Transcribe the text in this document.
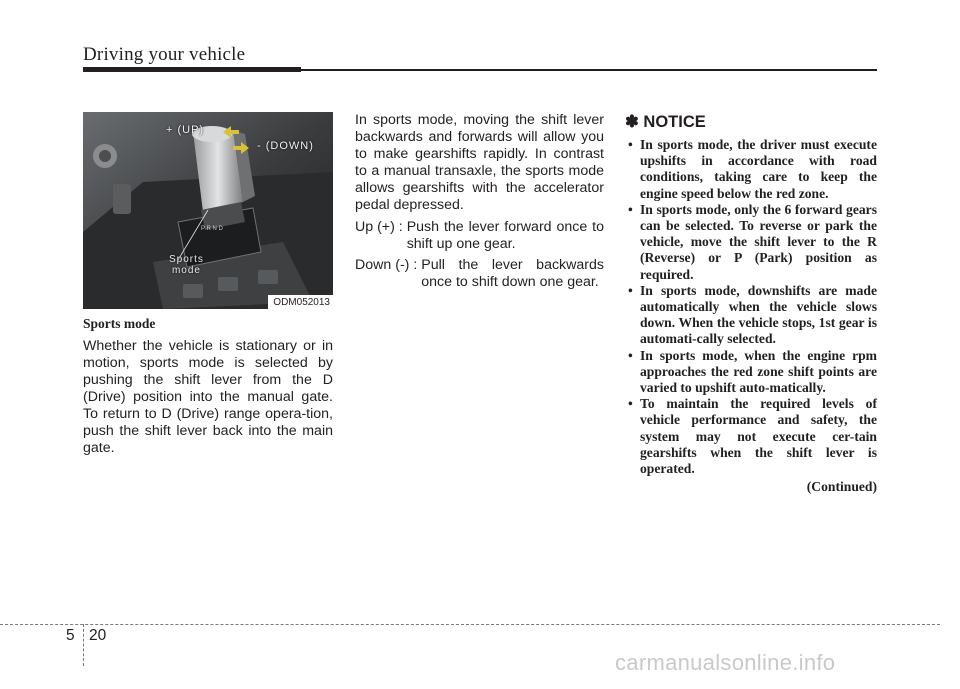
Driving your vehicle
P R N D
+ (UP)
- (DOWN)
Sports
mode
ODM052013
Sports mode

Whether the vehicle is stationary or in motion, sports mode is selected by pushing the shift lever from the D (Drive) position into the manual gate. To return to D (Drive) range opera-tion, push the shift lever back into the main gate.

In sports mode, moving the shift lever backwards and forwards will allow you to make gearshifts rapidly. In contrast to a manual transaxle, the sports mode allows gearshifts with the accelerator pedal depressed.

Up (+) : Push the lever forward once to shift up one gear.
Down (-) : Pull the lever backwards once to shift down one gear.
✽ NOTICE
• In sports mode, the driver must execute upshifts in accordance with road conditions, taking care to keep the engine speed below the red zone.
• In sports mode, only the 6 forward gears can be selected. To reverse or park the vehicle, move the shift lever to the R (Reverse) or P (Park) position as required.
• In sports mode, downshifts are made automatically when the vehicle slows down. When the vehicle stops, 1st gear is automati-cally selected.
• In sports mode, when the engine rpm approaches the red zone shift points are varied to upshift auto-matically.
• To maintain the required levels of vehicle performance and safety, the system may not execute cer-tain gearshifts when the shift lever is operated.
(Continued)
5 20
carmanualsonline.info
